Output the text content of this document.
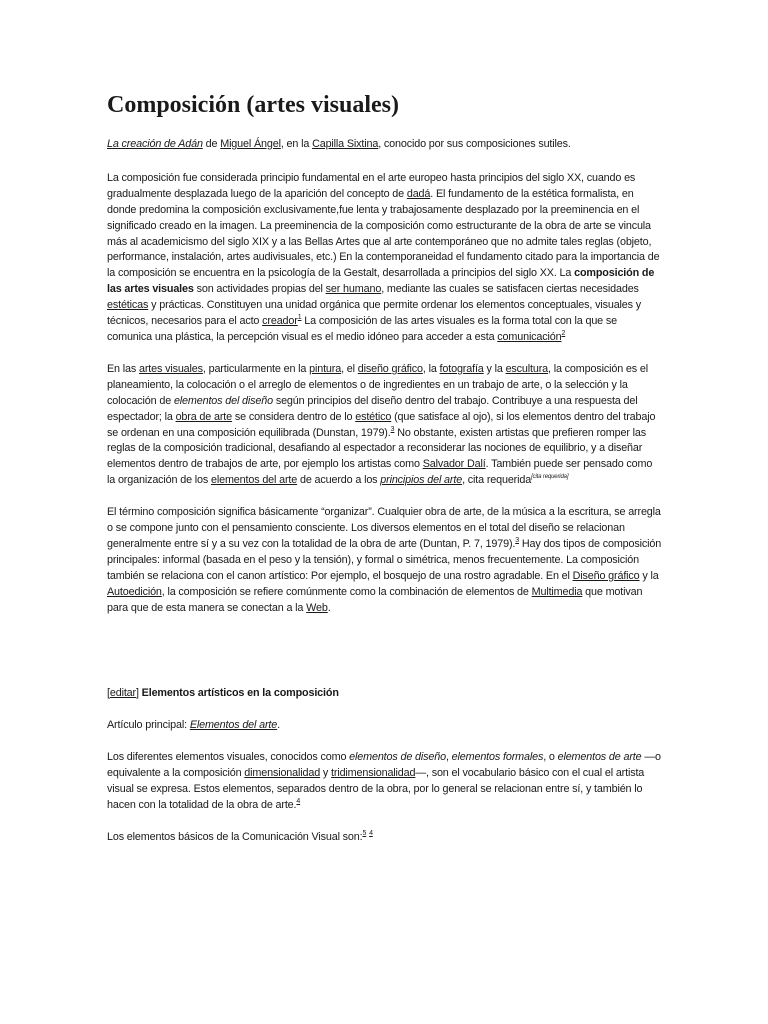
Composición (artes visuales)

La creación de Adán de Miguel Ángel, en la Capilla Sixtina, conocido por sus composiciones sutiles.

La composición fue considerada principio fundamental en el arte europeo hasta principios del siglo XX, cuando es gradualmente desplazada luego de la aparición del concepto de dadá. El fundamento de la estética formalista, en donde predomina la composición exclusivamente,fue lenta y trabajosamente desplazado por la preeminencia en el significado creado en la imagen. La preeminencia de la composición como estructurante de la obra de arte se vincula más al academicismo del siglo XIX y a las Bellas Artes que al arte contemporáneo que no admite tales reglas (objeto, performance, instalación, artes audivisuales, etc.) En la contemporaneidad el fundamento citado para la importancia de la composición se encuentra en la psicología de la Gestalt, desarrollada a principios del siglo XX. La composición de las artes visuales son actividades propias del ser humano, mediante las cuales se satisfacen ciertas necesidades estéticas y prácticas. Constituyen una unidad orgánica que permite ordenar los elementos conceptuales, visuales y técnicos, necesarios para el acto creador$^1$ La composición de las artes visuales es la forma total con la que se comunica una plástica, la percepción visual es el medio idóneo para acceder a esta comunicación$^2$

En las artes visuales, particularmente en la pintura, el diseño gráfico, la fotografía y la escultura, la composición es el planeamiento, la colocación o el arreglo de elementos o de ingredientes en un trabajo de arte, o la selección y la colocación de elementos del diseño según principios del diseño dentro del trabajo. Contribuye a una respuesta del espectador; la obra de arte se considera dentro de lo estético (que satisface al ojo), si los elementos dentro del trabajo se ordenan en una composición equilibrada (Dunstan, 1979).$^3$ No obstante, existen artistas que prefieren romper las reglas de la composición tradicional, desafiando al espectador a reconsiderar las nociones de equilibrio, y a diseñar elementos dentro de trabajos de arte, por ejemplo los artistas como Salvador Dalí. También puede ser pensado como la organización de los elementos del arte de acuerdo a los principios del arte, cita requerida[cita requerida]

El término composición significa básicamente “organizar”. Cualquier obra de arte, de la música a la escritura, se arregla o se compone junto con el pensamiento consciente. Los diversos elementos en el total del diseño se relacionan generalmente entre sí y a su vez con la totalidad de la obra de arte (Duntan, P. 7, 1979).$^3$ Hay dos tipos de composición principales: informal (basada en el peso y la tensión), y formal o simétrica, menos frecuentemente. La composición también se relaciona con el canon artístico: Por ejemplo, el bosquejo de una rostro agradable. En el Diseño gráfico y la Autoedición, la composición se refiere comúnmente como la combinación de elementos de Multimedia que motivan para que de esta manera se conectan a la Web.

[editar] Elementos artísticos en la composición

Artículo principal: Elementos del arte.

Los diferentes elementos visuales, conocidos como elementos de diseño, elementos formales, o elementos de arte —o equivalente a la composición dimensionalidad y tridimensionalidad—, son el vocabulario básico con el cual el artista visual se expresa. Estos elementos, separados dentro de la obra, por lo general se relacionan entre sí, y también lo hacen con la totalidad de la obra de arte.$^4$

Los elementos básicos de la Comunicación Visual son:$^5$ $^4$
